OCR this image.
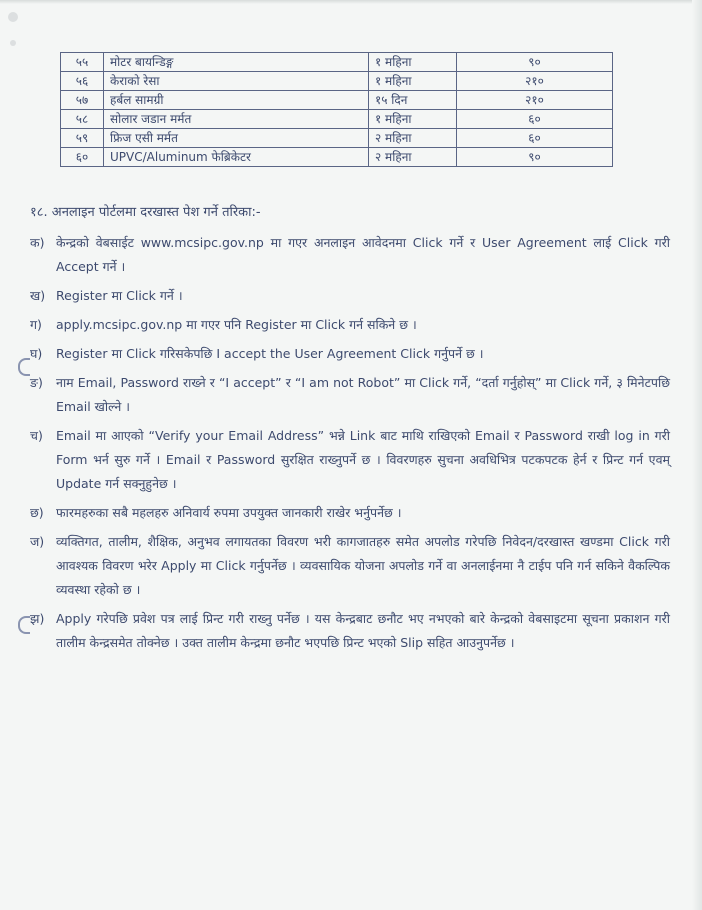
५५	मोटर बायन्डिङ्ग	१ महिना	९०
५६	केराको रेसा	१ महिना	२१०
५७	हर्बल सामग्री	१५ दिन	२१०
५८	सोलार जडान मर्मत	१ महिना	६०
५९	फ्रिज एसी मर्मत	२ महिना	६०
६०	UPVC/Aluminum फेब्रिकेटर	२ महिना	९०
१८. अनलाइन पोर्टलमा दरखास्त पेश गर्ने तरिका:-
क) केन्द्रको वेबसाईट www.mcsipc.gov.np मा गएर अनलाइन आवेदनमा Click गर्ने र User Agreement लाई Click गरी Accept गर्ने ।
ख) Register मा Click गर्ने ।
ग)	apply.mcsipc.gov.np मा गएर पनि Register मा Click गर्न सकिने छ ।
घ)	Register मा Click गरिसकेपछि I accept the User Agreement Click गर्नुपर्ने छ ।
ङ)	नाम Email, Password राख्ने र “I accept” र “I am not Robot” मा Click गर्ने, “दर्ता गर्नुहोस्” मा Click गर्ने, ३ मिनेटपछि Email खोल्ने ।
च)	Email मा आएको “Verify your Email Address” भन्ने Link बाट माथि राखिएको Email र Password राखी log in गरी Form भर्न सुरु गर्ने । Email र Password सुरक्षित राख्नुपर्ने छ । विवरणहरु सुचना अवधिभित्र पटकपटक हेर्न र प्रिन्ट गर्न एवम् Update गर्न सक्नुहुनेछ ।
छ) फारमहरुका सबै महलहरु अनिवार्य रुपमा उपयुक्त जानकारी राखेर भर्नुपर्नेछ ।
ज) व्यक्तिगत, तालीम, शैक्षिक, अनुभव लगायतका विवरण भरी कागजातहरु समेत अपलोड गरेपछि निवेदन/दरखास्त खण्डमा Click गरी आवश्यक विवरण भरेर Apply मा Click गर्नुपर्नेछ । व्यवसायिक योजना अपलोड गर्ने वा अनलाईनमा नै टाईप पनि गर्न सकिने वैकल्पिक व्यवस्था रहेको छ ।
झ) Apply गरेपछि प्रवेश पत्र लाई प्रिन्ट गरी राख्नु पर्नेछ । यस केन्द्रबाट छनौट भए नभएको बारे केन्द्रको वेबसाइटमा सूचना प्रकाशन गरी तालीम केन्द्रसमेत तोक्नेछ । उक्त तालीम केन्द्रमा छनौट भएपछि प्रिन्ट भएको Slip सहित आउनुपर्नेछ ।
